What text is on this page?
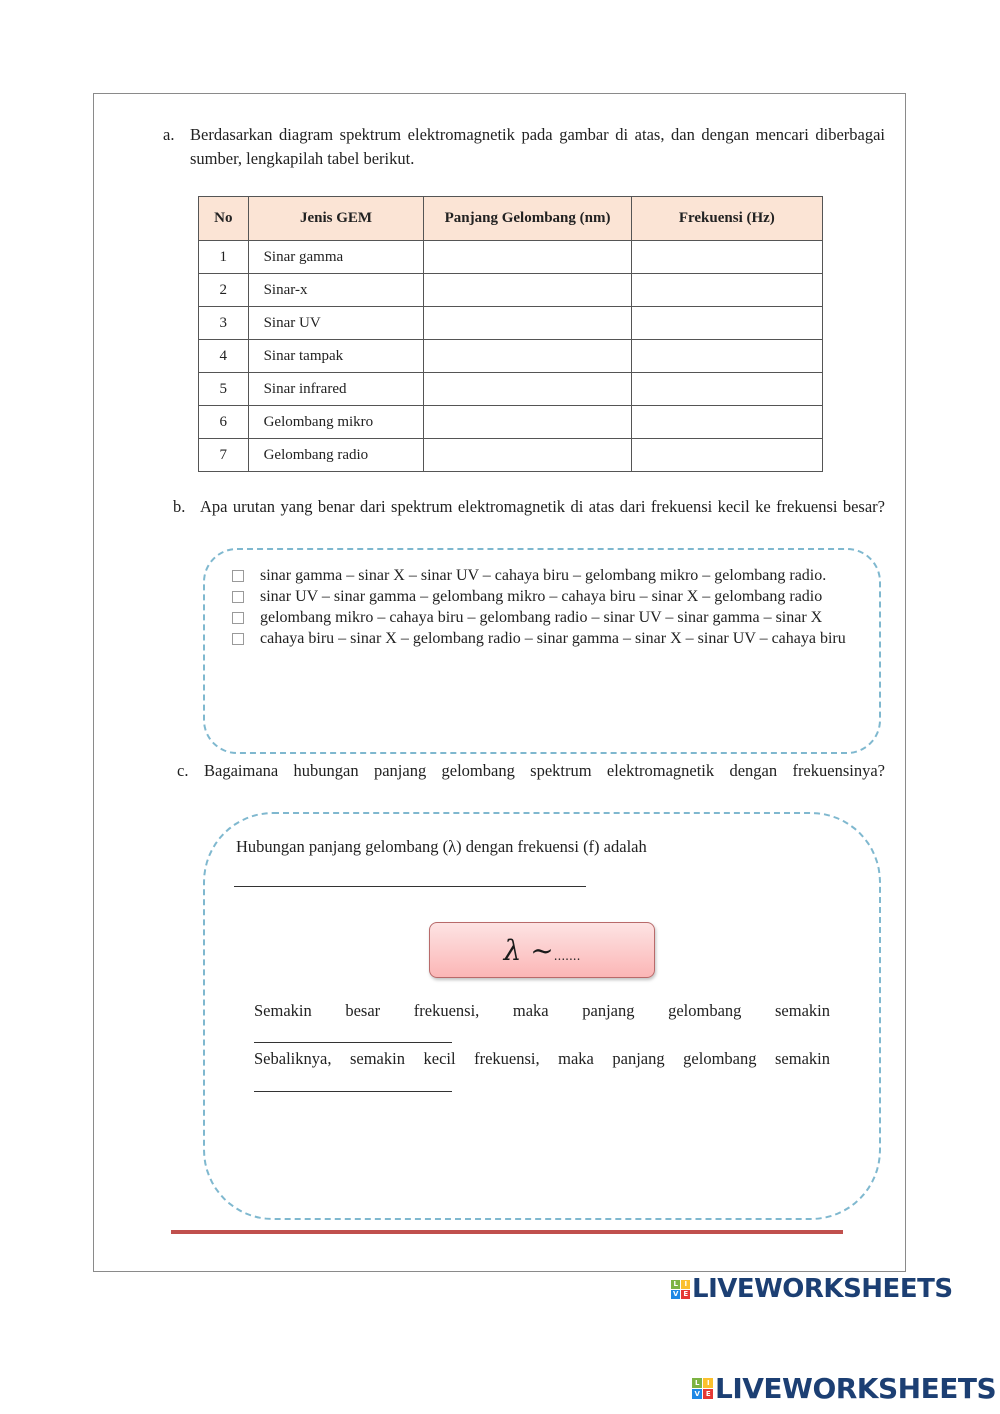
a. Berdasarkan diagram spektrum elektromagnetik pada gambar di atas, dan dengan mencari diberbagai sumber, lengkapilah tabel berikut.
No	Jenis GEM	Panjang Gelombang (nm)	Frekuensi (Hz)
1	Sinar gamma		
2	Sinar-x		
3	Sinar UV		
4	Sinar tampak		
5	Sinar infrared		
6	Gelombang mikro		
7	Gelombang radio		
b. Apa urutan yang benar dari spektrum elektromagnetik di atas dari frekuensi kecil ke frekuensi besar?
sinar gamma – sinar X – sinar UV – cahaya biru – gelombang mikro – gelombang radio.
sinar UV – sinar gamma – gelombang mikro – cahaya biru – sinar X – gelombang radio
gelombang mikro – cahaya biru – gelombang radio – sinar UV – sinar gamma – sinar X
cahaya biru – sinar X – gelombang radio – sinar gamma – sinar X – sinar UV – cahaya biru
c. Bagaimana hubungan panjang gelombang spektrum elektromagnetik dengan frekuensinya?
Hubungan panjang gelombang (λ) dengan frekuensi (f) adalah
λ ~.......
Semakin besar frekuensi, maka panjang gelombang semakin
Sebaliknya, semakin kecil frekuensi, maka panjang gelombang semakin
L I
V E LIVEWORKSHEETS
L	I
V E LIVEWORKSHEETS
